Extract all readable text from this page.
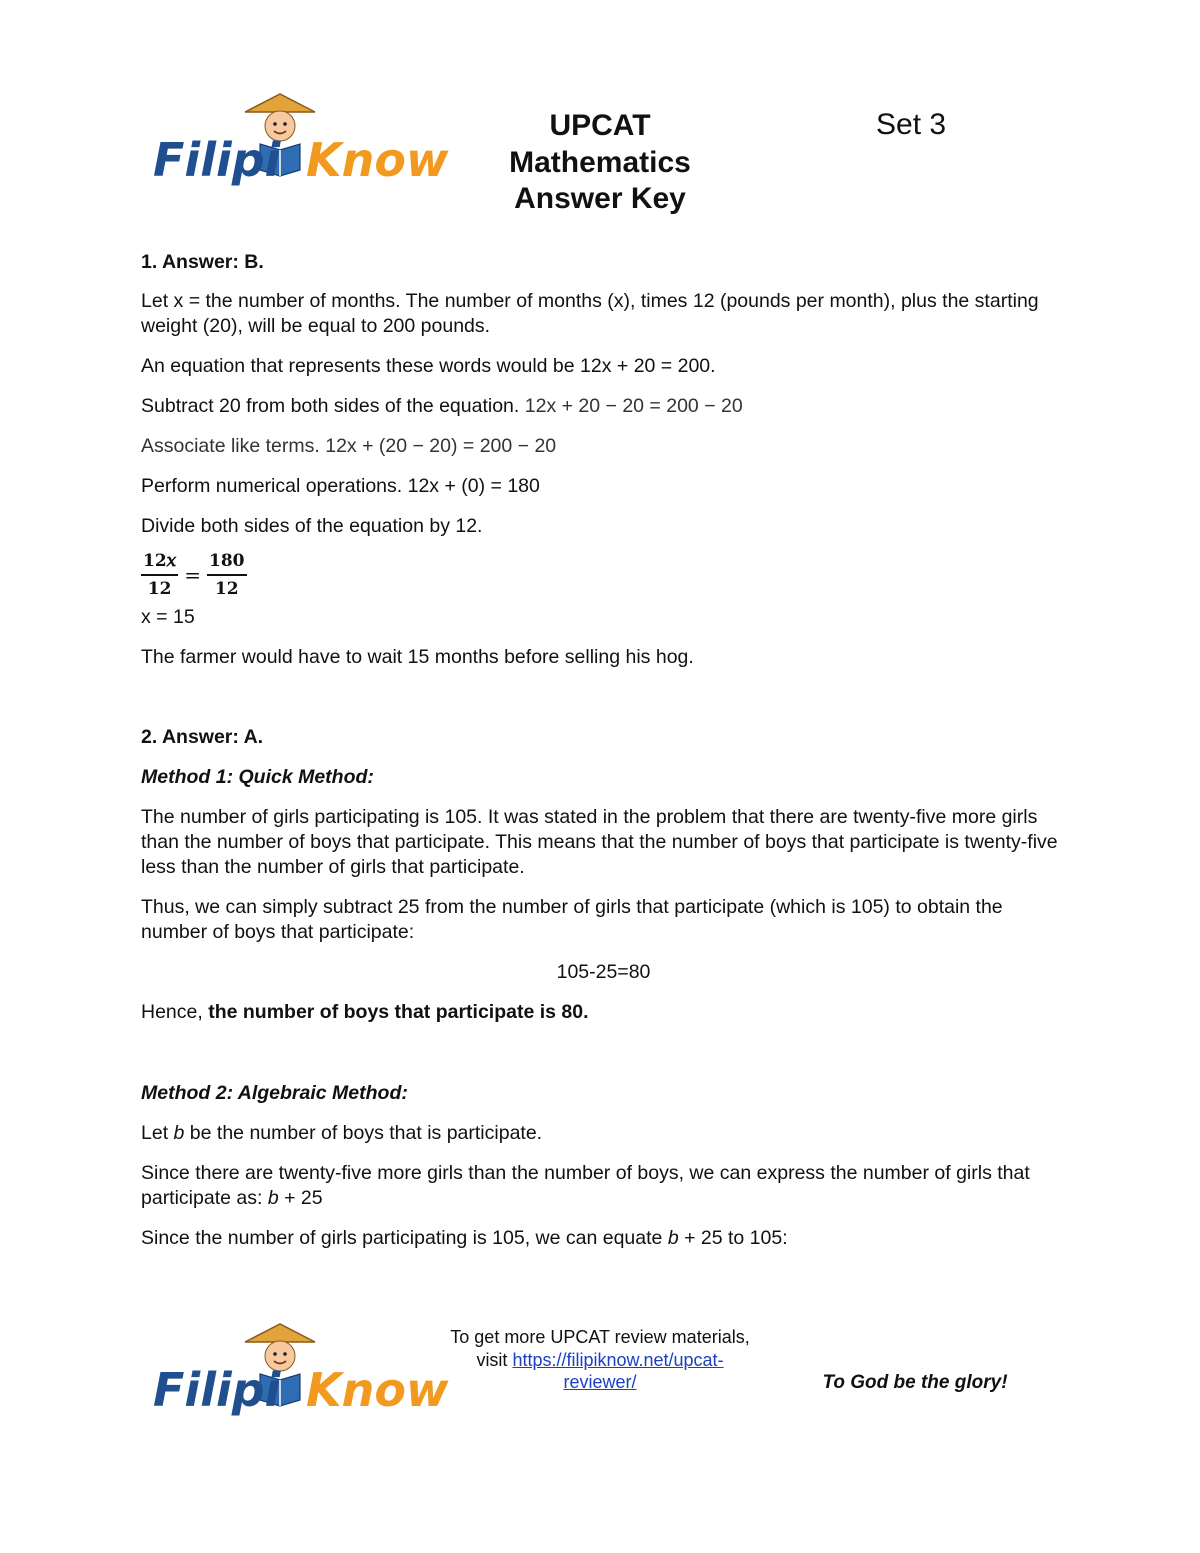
Filipi Know
UPCAT
Mathematics
Answer Key
Set 3

1. Answer: B.

Let x = the number of months. The number of months (x), times 12 (pounds per month), plus the starting weight (20), will be equal to 200 pounds.

An equation that represents these words would be 12x + 20 = 200.

Subtract 20 from both sides of the equation. 12x + 20 − 20 = 200 − 20

Associate like terms. 12x + (20 − 20) = 200 − 20

Perform numerical operations. 12x + (0) = 180

Divide both sides of the equation by 12.

$\frac{\text{12𝑥}}{12} = \frac{180}{12}$

x = 15

The farmer would have to wait 15 months before selling his hog.

2. Answer: A.

Method 1: Quick Method:

The number of girls participating is 105. It was stated in the problem that there are twenty-five more girls than the number of boys that participate. This means that the number of boys that participate is twenty-five less than the number of girls that participate.

Thus, we can simply subtract 25 from the number of girls that participate (which is 105) to obtain the number of boys that participate:

105-25=80

Hence, the number of boys that participate is 80.

Method 2: Algebraic Method:

Let b be the number of boys that is participate.

Since there are twenty-five more girls than the number of boys, we can express the number of girls that participate as: b + 25

Since the number of girls participating is 105, we can equate b + 25 to 105:

Filipi Know
To get more UPCAT review materials,
visit https://filipiknow.net/upcat-reviewer/	To God be the glory!
